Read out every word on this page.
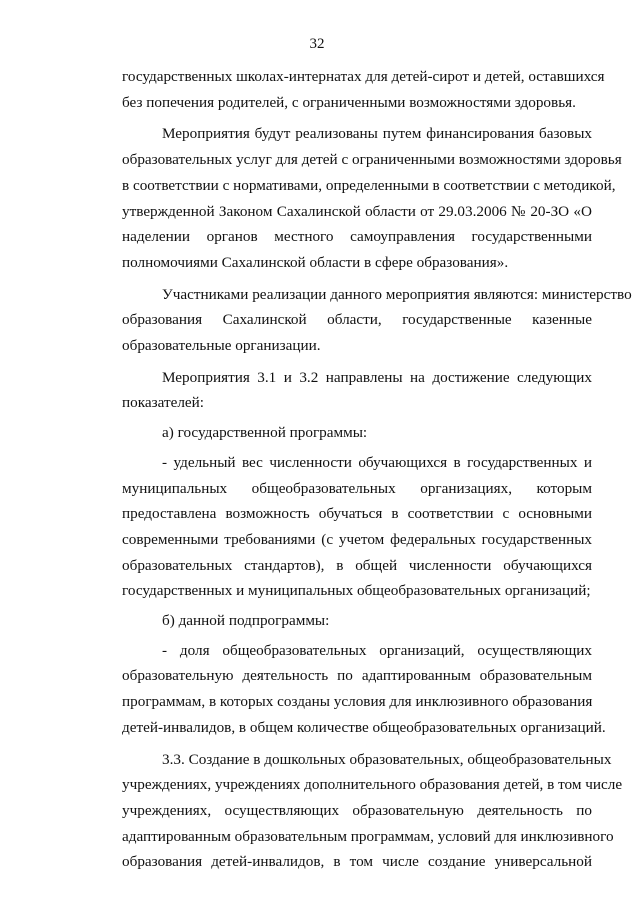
32
государственных школах-интернатах для детей-сирот и детей, оставшихся
без попечения родителей, с ограниченными возможностями здоровья.
Мероприятия будут реализованы путем финансирования базовых
образовательных услуг для детей с ограниченными возможностями здоровья
в соответствии с нормативами, определенными в соответствии с методикой,
утвержденной Законом Сахалинской области от 29.03.2006 № 20-ЗО «О
наделении органов местного самоуправления государственными
полномочиями Сахалинской области в сфере образования».
Участниками реализации данного мероприятия являются: министерство
образования Сахалинской области, государственные казенные
образовательные организации.
Мероприятия 3.1 и 3.2 направлены на достижение следующих
показателей:
а) государственной программы:
- удельный вес численности обучающихся в государственных и
муниципальных общеобразовательных организациях, которым
предоставлена возможность обучаться в соответствии с основными
современными требованиями (с учетом федеральных государственных
образовательных стандартов), в общей численности обучающихся
государственных и муниципальных общеобразовательных организаций;
б) данной подпрограммы:
- доля общеобразовательных организаций, осуществляющих
образовательную деятельность по адаптированным образовательным
программам, в которых созданы условия для инклюзивного образования
детей-инвалидов, в общем количестве общеобразовательных организаций.
3.3. Создание в дошкольных образовательных, общеобразовательных
учреждениях, учреждениях дополнительного образования детей, в том числе
учреждениях, осуществляющих образовательную деятельность по
адаптированным образовательным программам, условий для инклюзивного
образования детей-инвалидов, в том числе создание универсальной
